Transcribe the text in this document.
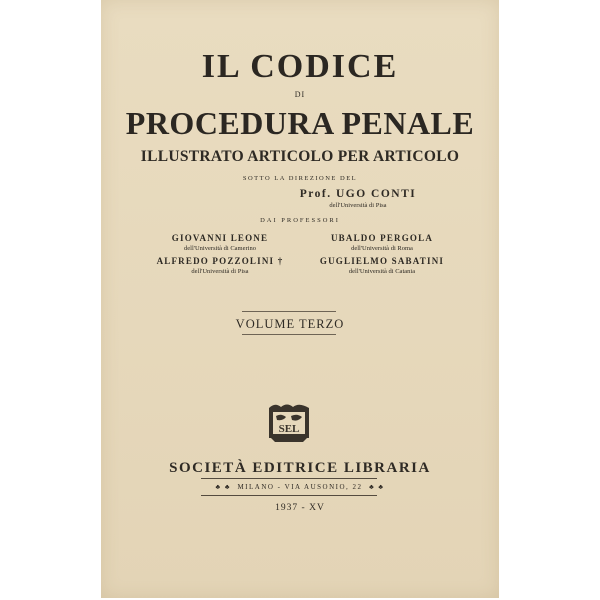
IL CODICE
DI
PROCEDURA PENALE
ILLUSTRATO ARTICOLO PER ARTICOLO
SOTTO LA DIREZIONE DEL
Prof. UGO CONTI
dell'Università di Pisa
DAI PROFESSORI
GIOVANNI LEONE
dell'Università di Camerino
UBALDO PERGOLA
dell'Università di Roma
ALFREDO POZZOLINI †
dell'Università di Pisa
GUGLIELMO SABATINI
dell'Università di Catania
VOLUME TERZO
SEL
SOCIETÀ EDITRICE LIBRARIA
♣ ♣ MILANO - VIA AUSONIO, 22 ♣ ♣
1937 - XV
